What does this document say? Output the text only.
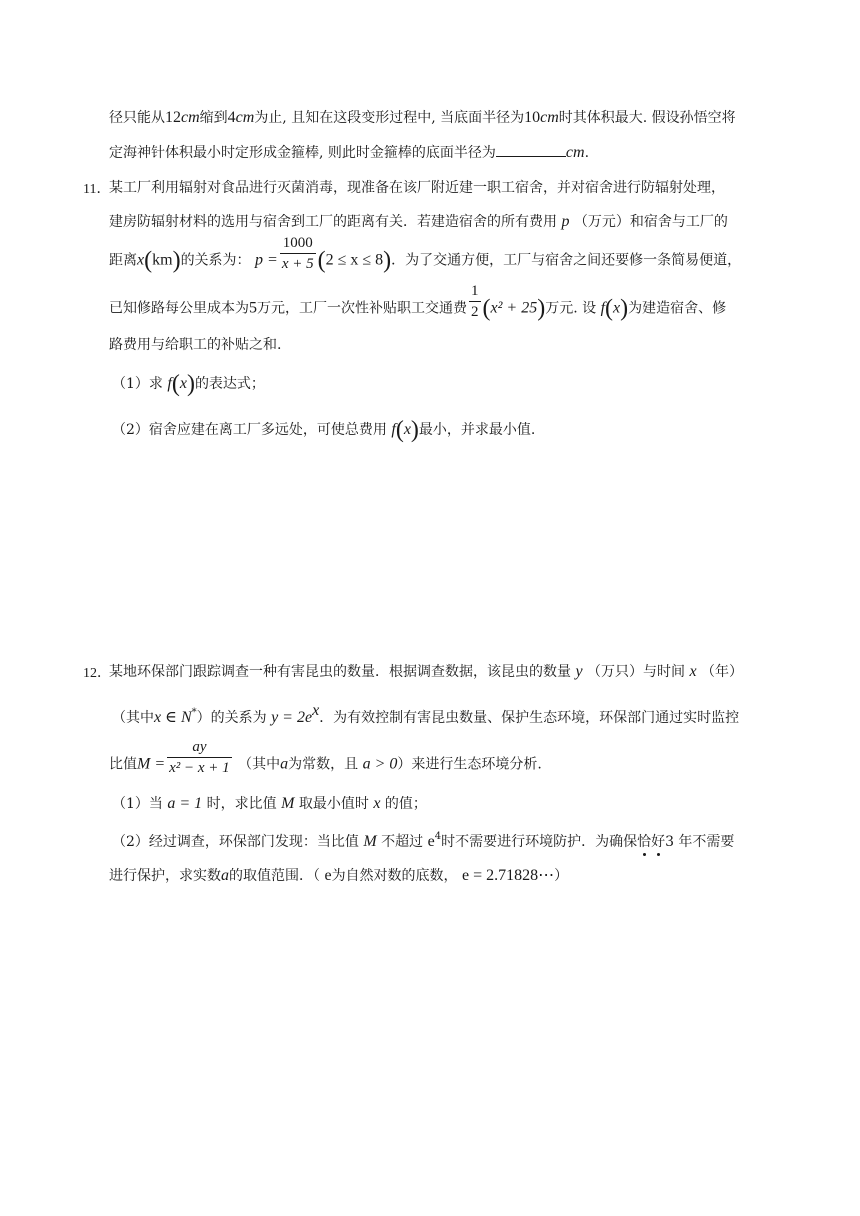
径只能从12cm缩到4cm为止, 且知在这段变形过程中, 当底面半径为10cm时其体积最大. 假设孙悟空将
定海神针体积最小时定形成金箍棒, 则此时金箍棒的底面半径为	cm.
11．
某工厂利用辐射对食品进行灭菌消毒，现准备在该厂附近建一职工宿舍，并对宿舍进行防辐射处理，
建房防辐射材料的选用与宿舍到工厂的距离有关．若建造宿舍的所有费用 p （万元）和宿舍与工厂的
距离x(km)的关系为： $p = \frac{1000}{x + 5} (2 \le x \le 8)$．为了交通方便，工厂与宿舍之间还要修一条简易便道，
已知修路每公里成本为5万元，工厂一次性补贴职工交通费 $\frac{1}{2} (x^2 + 25)$万元. 设 f(x)为建造宿舍、修
路费用与给职工的补贴之和.
（1）求 f(x)的表达式；
（2）宿舍应建在离工厂多远处，可使总费用 f(x)最小，并求最小值.
12．
某地环保部门跟踪调查一种有害昆虫的数量．根据调查数据，该昆虫的数量 y （万只）与时间 x （年）
（其中x ∈ N*）的关系为 $y = 2e^x$．为有效控制有害昆虫数量、保护生态环境，环保部门通过实时监控
比值$M = \frac{ay}{\text{x² − x + 1}}$ （其中a为常数，且 a > 0）来进行生态环境分析.
（1）当 a = 1 时，求比值 M 取最小值时 x 的值；
（2）经过调查，环保部门发现：当比值 M 不超过 $e^4$时不需要进行环境防护．为确保恰好3 年不需要
进行保护，求实数a的取值范围．（ e为自然对数的底数， e = 2.71828⋯）
